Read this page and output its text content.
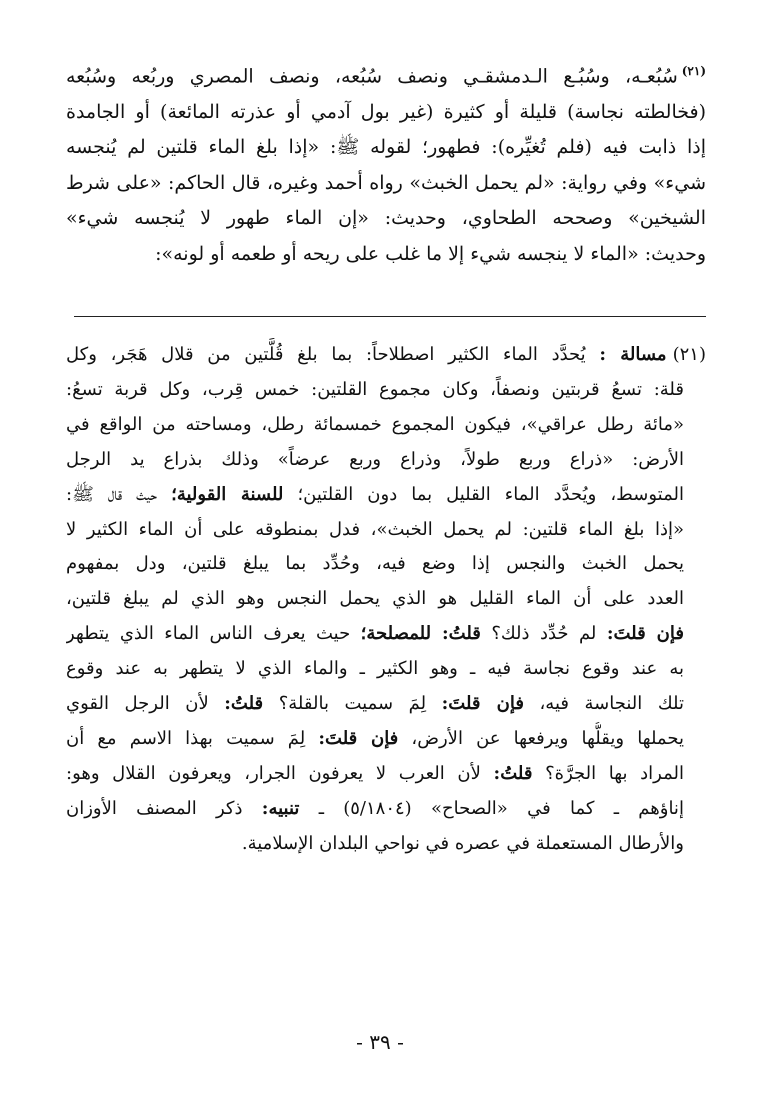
$^{(٢١)}$سُبُعـه، وسُبُـع الـدمشقـي ونصف سُبُعه، ونصف المصري وربُعه وسُبُعه
(فخالطته نجاسة) قليلة أو كثيرة (غير بول آدمي أو عذرته المائعة) أو الجامدة
إذا ذابت فيه (فلم تُغيِّره): فطهور؛ لقوله ﷺ: «إذا بلغ الماء قلتين لم يُنجسه
شيء» وفي رواية: «لم يحمل الخبث» رواه أحمد وغيره، قال الحاكم: «على شرط
الشيخين» وصححه الطحاوي، وحديث: «إن الماء طهور لا يُنجسه شيء»
وحديث: «الماء لا ينجسه شيء إلا ما غلب على ريحه أو طعمه أو لونه»:
(٢١)مسالة : يُحدَّد الماء الكثير اصطلاحاً: بما بلغ قُلَّتين من قلال هَجَر، وكل
قلة: تسعُ قربتين ونصفاً، وكان مجموع القلتين: خمس قِرب، وكل قربة تسعُ:
«مائة رطل عراقي»، فيكون المجموع خمسمائة رطل، ومساحته من الواقع في
الأرض: «ذراع وربع طولاً، وذراع وربع عرضاً» وذلك بذراع يد الرجل
المتوسط، ويُحدَّد الماء القليل بما دون القلتين؛ للسنة القولية؛ حيث قال ﷺ:
«إذا بلغ الماء قلتين: لم يحمل الخبث»، فدل بمنطوقه على أن الماء الكثير لا
يحمل الخبث والنجس إذا وضع فيه، وحُدِّد بما يبلغ قلتين، ودل بمفهوم
العدد على أن الماء القليل هو الذي يحمل النجس وهو الذي لم يبلغ قلتين،
فإن قلتَ: لم حُدِّد ذلك؟ قلتُ: للمصلحة؛ حيث يعرف الناس الماء الذي يتطهر
به عند وقوع نجاسة فيه ـ وهو الكثير ـ والماء الذي لا يتطهر به عند وقوع
تلك النجاسة فيه، فإن قلتَ: لِمَ سميت بالقلة؟ قلتُ: لأن الرجل القوي
يحملها ويقلُّها ويرفعها عن الأرض، فإن قلتَ: لِمَ سميت بهذا الاسم مع أن
المراد بها الجرَّة؟ قلتُ: لأن العرب لا يعرفون الجرار، ويعرفون القلال وهو:
إناؤهم ـ كما في «الصحاح» (٥/١٨٠٤) ـ تنبيه: ذكر المصنف الأوزان
والأرطال المستعملة في عصره في نواحي البلدان الإسلامية.
- ٣٩ -
